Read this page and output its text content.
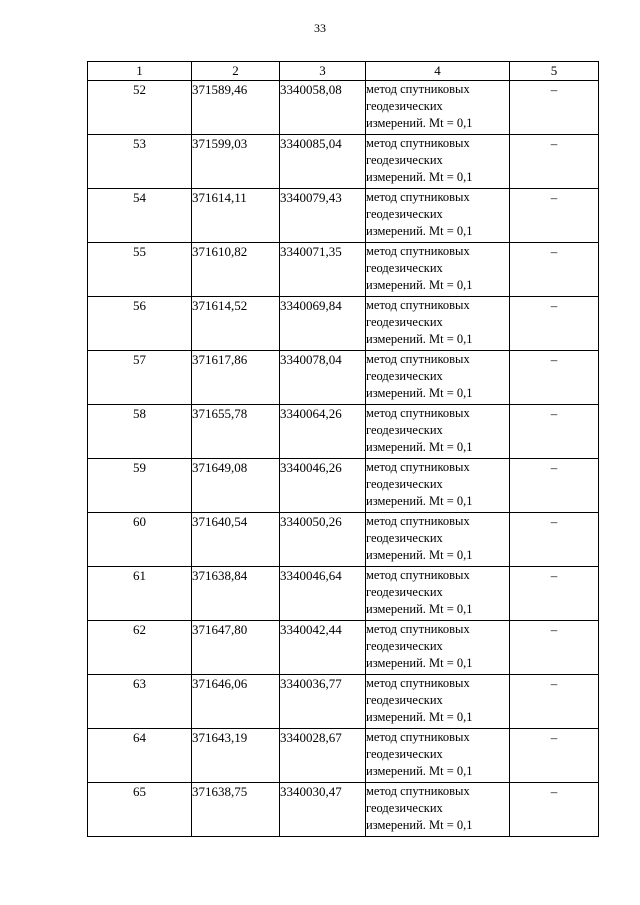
33
1	2	3	4	5
52	371589,46	3340058,08	метод спутниковых
геодезических
измерений. Mt = 0,1	–
53	371599,03	3340085,04	метод спутниковых
геодезических
измерений. Mt = 0,1	–
54	371614,11	3340079,43	метод спутниковых
геодезических
измерений. Mt = 0,1	–
55	371610,82	3340071,35	метод спутниковых
геодезических
измерений. Mt = 0,1	–
56	371614,52	3340069,84	метод спутниковых
геодезических
измерений. Mt = 0,1	–
57	371617,86	3340078,04	метод спутниковых
геодезических
измерений. Mt = 0,1	–
58	371655,78	3340064,26	метод спутниковых
геодезических
измерений. Mt = 0,1	–
59	371649,08	3340046,26	метод спутниковых
геодезических
измерений. Mt = 0,1	–
60	371640,54	3340050,26	метод спутниковых
геодезических
измерений. Mt = 0,1	–
61	371638,84	3340046,64	метод спутниковых
геодезических
измерений. Mt = 0,1	–
62	371647,80	3340042,44	метод спутниковых
геодезических
измерений. Mt = 0,1	–
63	371646,06	3340036,77	метод спутниковых
геодезических
измерений. Mt = 0,1	–
64	371643,19	3340028,67	метод спутниковых
геодезических
измерений. Mt = 0,1	–
65	371638,75	3340030,47	метод спутниковых
геодезических
измерений. Mt = 0,1	–
